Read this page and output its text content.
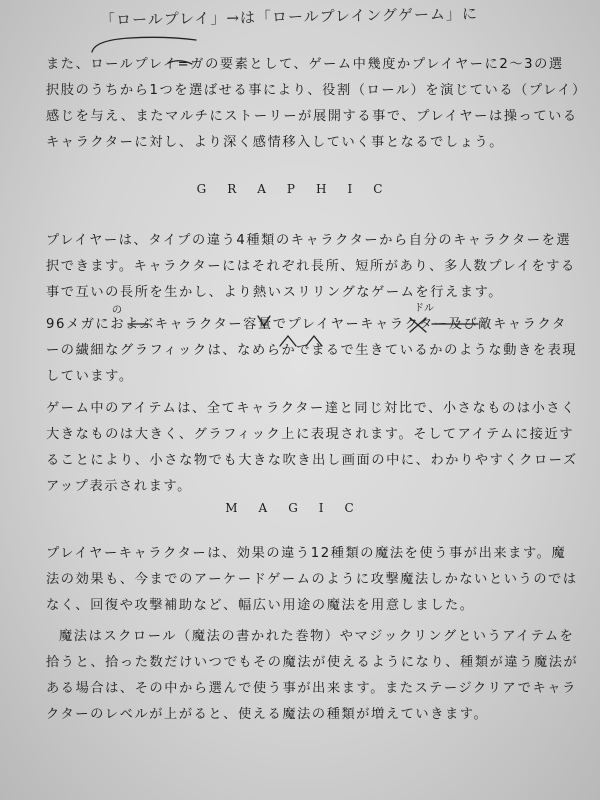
「ロールプレイ」→は「ロールプレイングゲーム」に
また、ロールプレイ=ガの要素として、ゲーム中幾度かプレイヤーに2〜3の選
択肢のうちから1つを選ばせる事により、役割（ロール）を演じている（プレイ）
感じを与え、またマルチにストーリーが展開する事で、プレイヤーは操っている
キャラクターに対し、より深く感情移入していく事となるでしょう。
GRAPHIC
プレイヤーは、タイプの違う4種類のキャラクターから自分のキャラクターを選
択できます。キャラクターにはそれぞれ長所、短所があり、多人数プレイをする
事で互いの長所を生かし、より熱いスリリングなゲームを行えます。
96メガにおよぶキャラクター容量でプレイヤーキャラクター及び敵キャラクタ
ーの繊細なグラフィックは、なめらかでまるで生きているかのような動きを表現
しています。
ゲーム中のアイテムは、全てキャラクター達と同じ対比で、小さなものは小さく
大きなものは大きく、グラフィック上に表現されます。そしてアイテムに接近す
ることにより、小さな物でも大きな吹き出し画面の中に、わかりやすくクローズ
アップ表示されます。
MAGIC
プレイヤーキャラクターは、効果の違う12種類の魔法を使う事が出来ます。魔
法の効果も、今までのアーケードゲームのように攻撃魔法しかないというのでは
なく、回復や攻撃補助など、幅広い用途の魔法を用意しました。
魔法はスクロール（魔法の書かれた巻物）やマジックリングというアイテムを
拾うと、拾った数だけいつでもその魔法が使えるようになり、種類が違う魔法が
ある場合は、その中から選んで使う事が出来ます。またステージクリアでキャラ
クターのレベルが上がると、使える魔法の種類が増えていきます。
の	ドル
